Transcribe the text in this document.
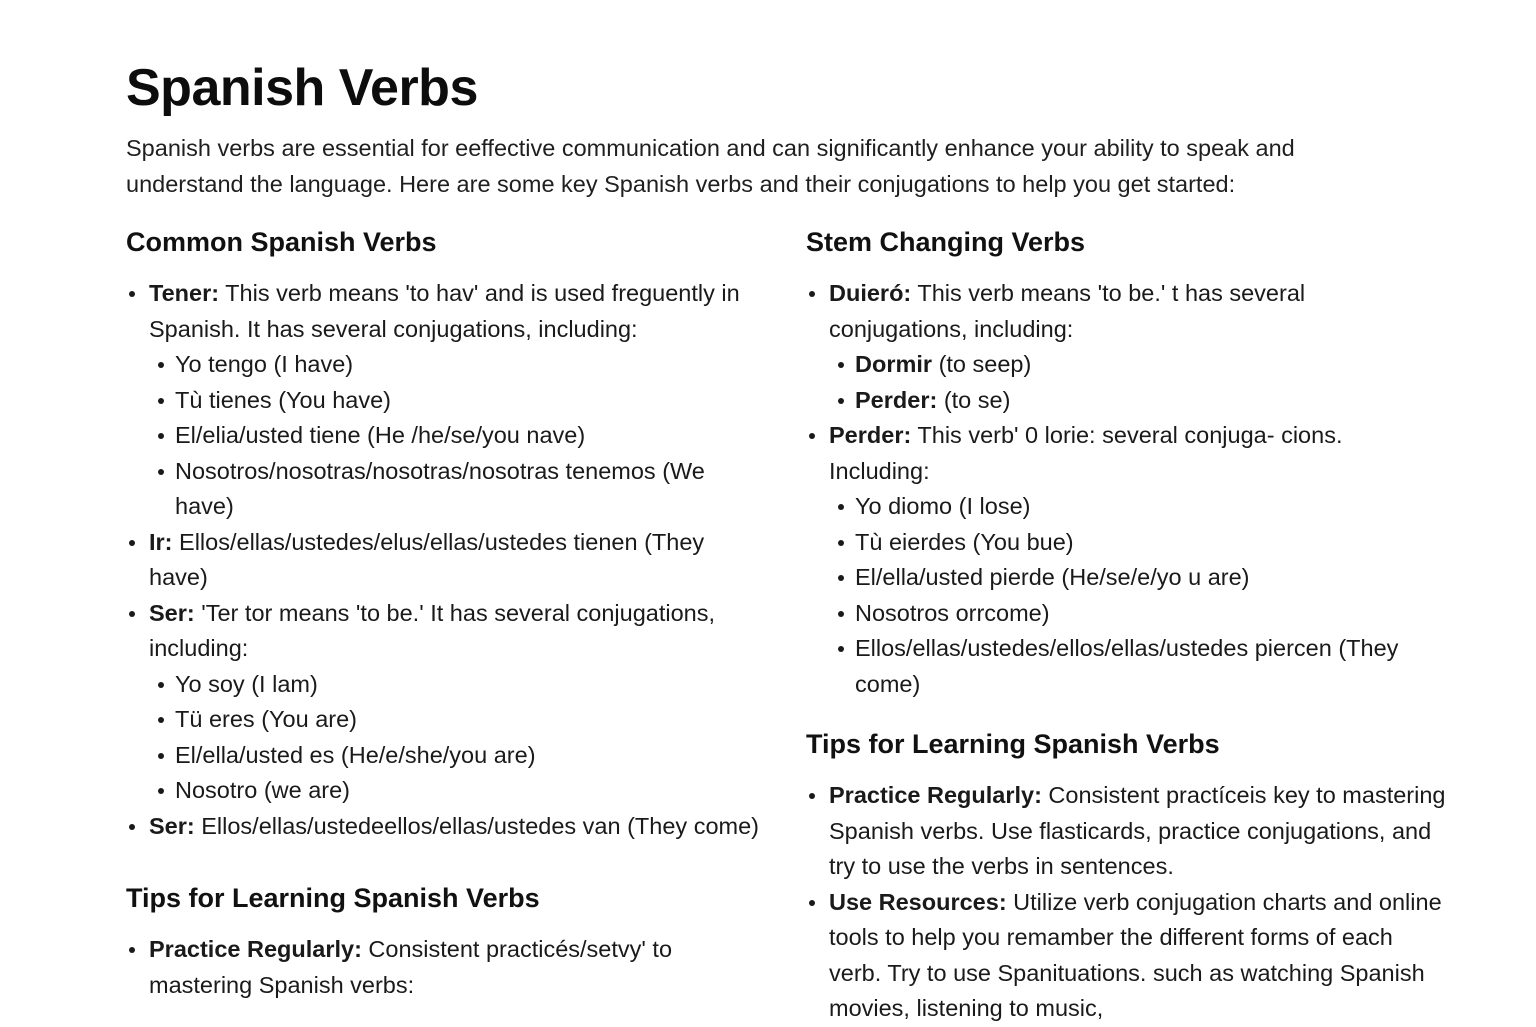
Spanish Verbs

Spanish verbs are essential for eeffective communication and can significantly enhance your ability to speak and understand the language. Here are some key Spanish verbs and their conjugations to help you get started:

Common Spanish Verbs
Tener: This verb means 'to hav' and is used freguently in Spanish. It has several conjugations, including:
Yo tengo (I have)
Tù tienes (You have)
El/elia/usted tiene (He /he/se/you nave)
Nosotros/nosotras/nosotras/nosotras tenemos (We have)
Ir: Ellos/ellas/ustedes/elus/ellas/ustedes tienen (They have)
Ser: 'Ter tor means 'to be.' It has several conjugations, including:
Yo soy (I lam)
Tü eres (You are)
El/ella/usted es (He/e/she/you are)
Nosotro (we are)
Ser: Ellos/ellas/ustedeellos/ellas/ustedes van (They come)
Tips for Learning Spanish Verbs
Practice Regularly: Consistent practicés/setvy' to mastering Spanish verbs:
Stem Changing Verbs
Duieró: This verb means 'to be.' t has several conjugations, including:
Dormir (to seep)
Perder: (to se)
Perder: This verb' 0 lorie: several conjuga- cions. Including:
Yo diomo (I lose)
Tù eierdes (You bue)
El/ella/usted pierde (He/se/e/yo u are)
Nosotros orrcome)
Ellos/ellas/ustedes/ellos/ellas/ustedes piercen (They come)
Tips for Learning Spanish Verbs
Practice Regularly: Consistent practíceis key to mastering Spanish verbs. Use flasticards, practice conjugations, and try to use the verbs in sentences.
Use Resources: Utilize verb conjugation charts and online tools to help you remamber the different forms of each verb. Try to use Spanituations. such as watching Spanish movies, listening to music,
